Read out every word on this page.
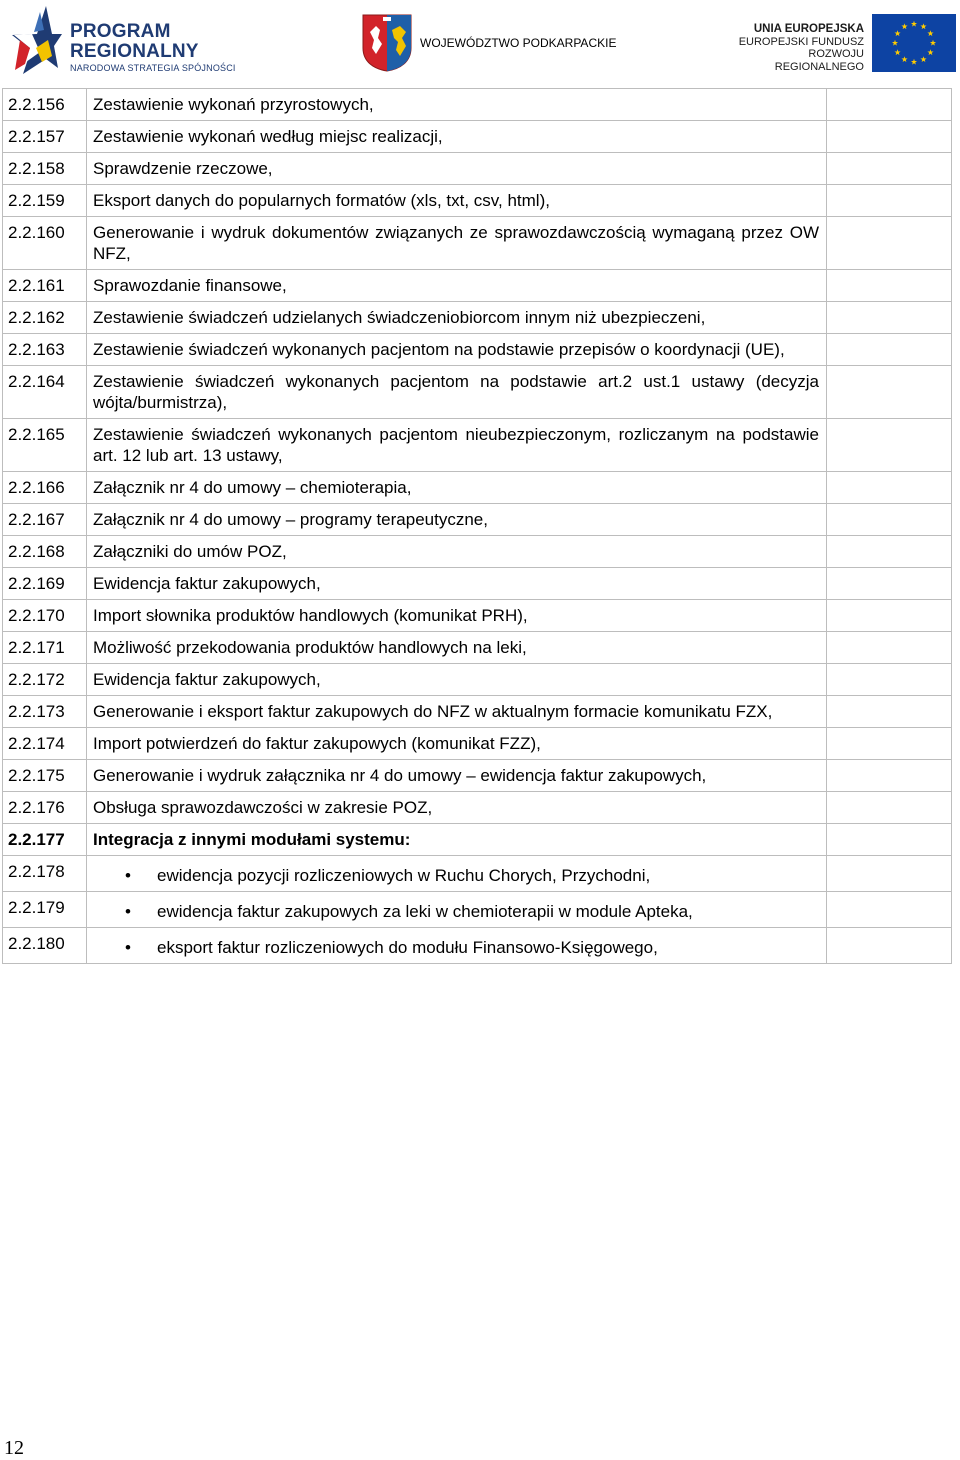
PROGRAM
REGIONALNY
NARODOWA STRATEGIA SPÓJNOŚCI
WOJEWÓDZTWO PODKARPACKIE
UNIA EUROPEJSKA
EUROPEJSKI FUNDUSZ
ROZWOJU REGIONALNEGO
2.2.156	Zestawienie wykonań przyrostowych,	
2.2.157	Zestawienie wykonań według miejsc realizacji,	
2.2.158	Sprawdzenie rzeczowe,	
2.2.159	Eksport danych do popularnych formatów (xls, txt, csv, html),	
2.2.160	Generowanie i wydruk dokumentów związanych ze sprawozdawczością wymaganą przez OW NFZ,	
2.2.161	Sprawozdanie finansowe,	
2.2.162	Zestawienie świadczeń udzielanych świadczeniobiorcom innym niż ubezpieczeni,	
2.2.163	Zestawienie świadczeń wykonanych pacjentom na podstawie przepisów o koordynacji (UE),	
2.2.164	Zestawienie świadczeń wykonanych pacjentom na podstawie art.2 ust.1 ustawy (decyzja wójta/burmistrza),	
2.2.165	Zestawienie świadczeń wykonanych pacjentom nieubezpieczonym, rozliczanym na podstawie art. 12 lub art. 13 ustawy,	
2.2.166	Załącznik nr 4 do umowy – chemioterapia,	
2.2.167	Załącznik nr 4 do umowy – programy terapeutyczne,	
2.2.168	Załączniki do umów POZ,	
2.2.169	Ewidencja faktur zakupowych,	
2.2.170	Import słownika produktów handlowych (komunikat PRH),	
2.2.171	Możliwość przekodowania produktów handlowych na leki,	
2.2.172	Ewidencja faktur zakupowych,	
2.2.173	Generowanie i eksport faktur zakupowych do NFZ w aktualnym formacie komunikatu FZX,	
2.2.174	Import potwierdzeń do faktur zakupowych (komunikat FZZ),	
2.2.175	Generowanie i wydruk załącznika nr 4 do umowy – ewidencja faktur zakupowych,	
2.2.176	Obsługa sprawozdawczości w zakresie POZ,	
2.2.177	Integracja z innymi modułami systemu:	
2.2.178	• ewidencja pozycji rozliczeniowych w Ruchu Chorych, Przychodni,	

2.2.179	• ewidencja faktur zakupowych za leki w chemioterapii w module Apteka,	

2.2.180	• eksport faktur rozliczeniowych do modułu Finansowo-Księgowego,	

12
